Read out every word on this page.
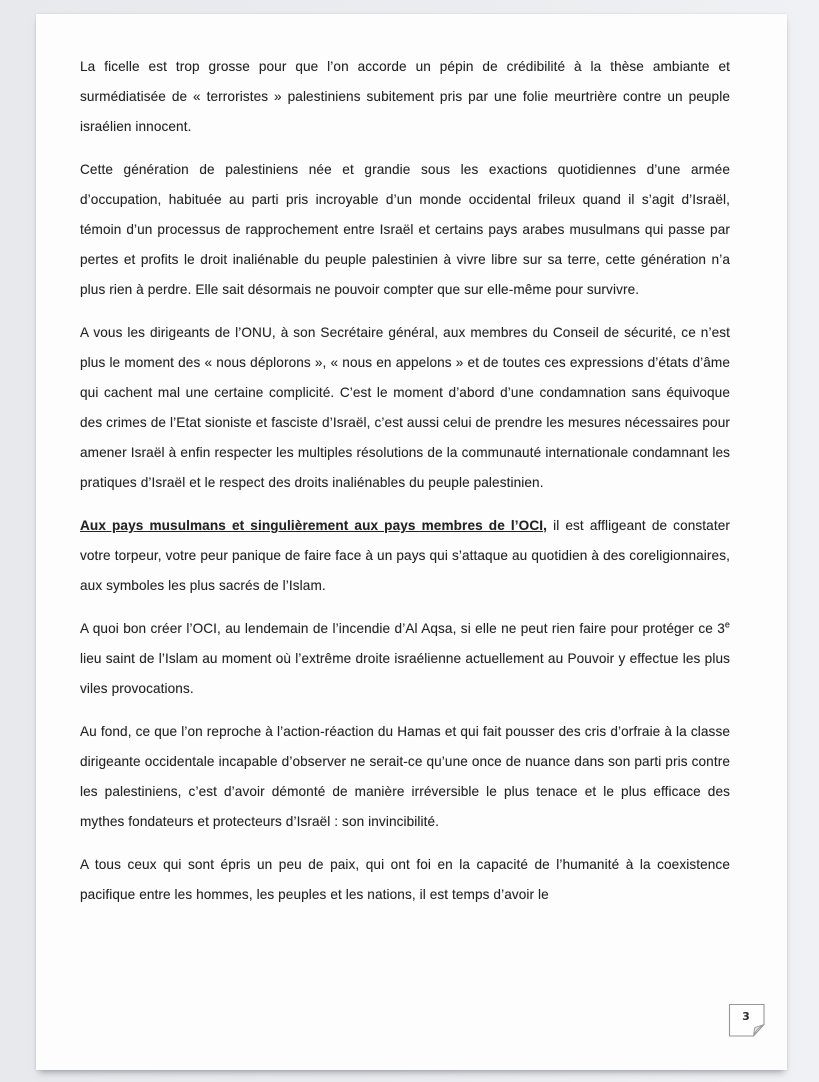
La ficelle est trop grosse pour que l’on accorde un pépin de crédibilité à la thèse ambiante et surmédiatisée de « terroristes » palestiniens subitement pris par une folie meurtrière contre un peuple israélien innocent.

Cette génération de palestiniens née et grandie sous les exactions quotidiennes d’une armée d’occupation, habituée au parti pris incroyable d’un monde occidental frileux quand il s’agit d’Israël, témoin d’un processus de rapprochement entre Israël et certains pays arabes musulmans qui passe par pertes et profits le droit inaliénable du peuple palestinien à vivre libre sur sa terre, cette génération n’a plus rien à perdre. Elle sait désormais ne pouvoir compter que sur elle-même pour survivre.

A vous les dirigeants de l’ONU, à son Secrétaire général, aux membres du Conseil de sécurité, ce n’est plus le moment des « nous déplorons », « nous en appelons » et de toutes ces expressions d’états d’âme qui cachent mal une certaine complicité. C’est le moment d’abord d’une condamnation sans équivoque des crimes de l’Etat sioniste et fasciste d’Israël, c’est aussi celui de prendre les mesures nécessaires pour amener Israël à enfin respecter les multiples résolutions de la communauté internationale condamnant les pratiques d’Israël et le respect des droits inaliénables du peuple palestinien.

Aux pays musulmans et singulièrement aux pays membres de l’OCI, il est affligeant de constater votre torpeur, votre peur panique de faire face à un pays qui s’attaque au quotidien à des coreligionnaires, aux symboles les plus sacrés de l’Islam.

A quoi bon créer l’OCI, au lendemain de l’incendie d’Al Aqsa, si elle ne peut rien faire pour protéger ce 3e lieu saint de l’Islam au moment où l’extrême droite israélienne actuellement au Pouvoir y effectue les plus viles provocations.

Au fond, ce que l’on reproche à l’action-réaction du Hamas et qui fait pousser des cris d’orfraie à la classe dirigeante occidentale incapable d’observer ne serait-ce qu’une once de nuance dans son parti pris contre les palestiniens, c’est d’avoir démonté de manière irréversible le plus tenace et le plus efficace des mythes fondateurs et protecteurs d’Israël : son invincibilité.

A tous ceux qui sont épris un peu de paix, qui ont foi en la capacité de l’humanité à la coexistence pacifique entre les hommes, les peuples et les nations, il est temps d’avoir le

3
